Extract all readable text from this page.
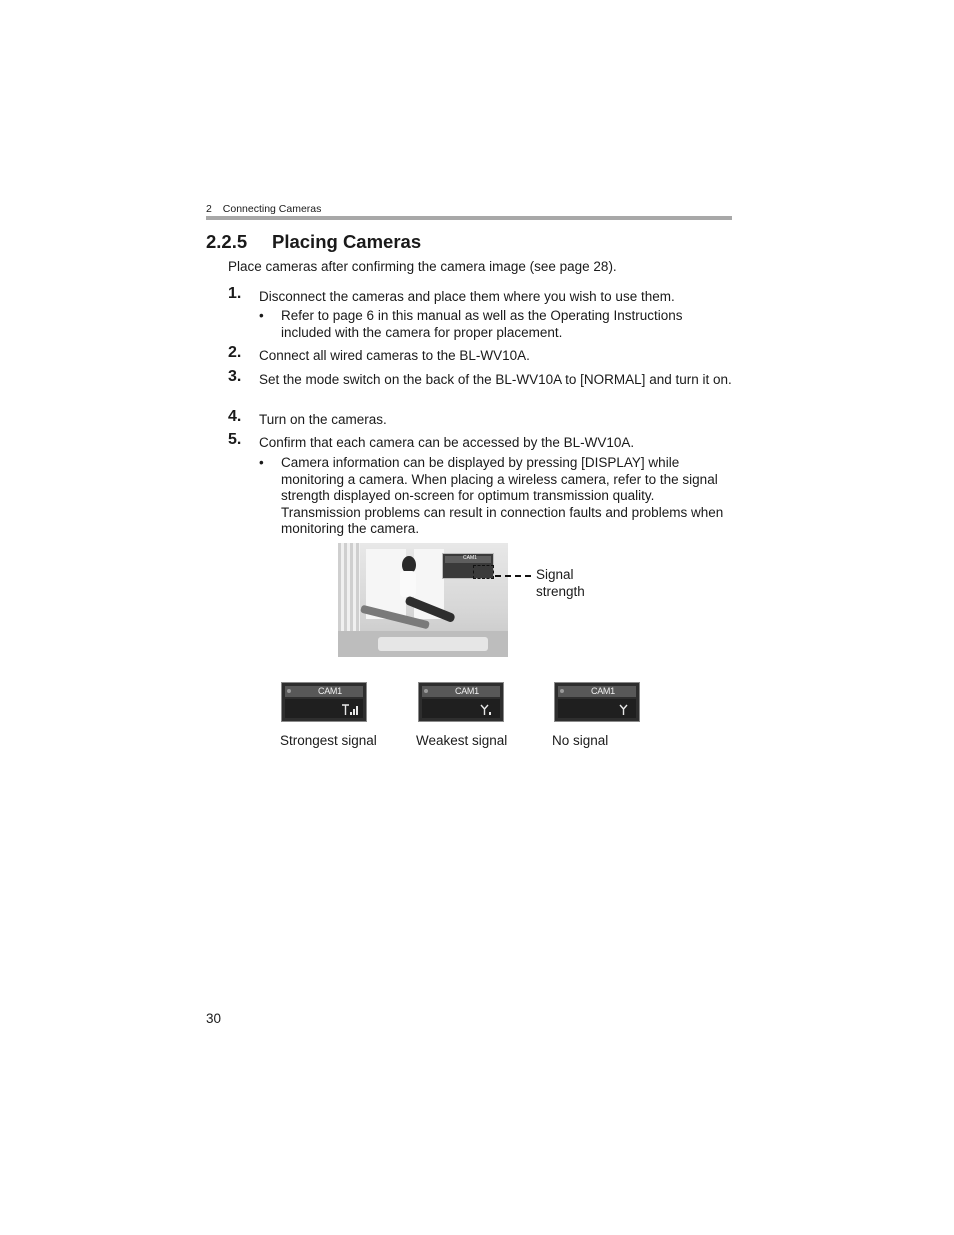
2 Connecting Cameras
2.2.5 Placing Cameras
Place cameras after confirming the camera image (see page 28).
1. Disconnect the cameras and place them where you wish to use them.
• Refer to page 6 in this manual as well as the Operating Instructions included with the camera for proper placement.
2. Connect all wired cameras to the BL-WV10A.
3. Set the mode switch on the back of the BL-WV10A to [NORMAL] and turn it on.
4. Turn on the cameras.
5. Confirm that each camera can be accessed by the BL-WV10A.
• Camera information can be displayed by pressing [DISPLAY] while monitoring a camera. When placing a wireless camera, refer to the signal strength displayed on-screen for optimum transmission quality. Transmission problems can result in connection faults and problems when monitoring the camera.
CAM1
Signal
strength
CAM1	CAM1	CAM1
Strongest signal	Weakest signal	No signal
30
